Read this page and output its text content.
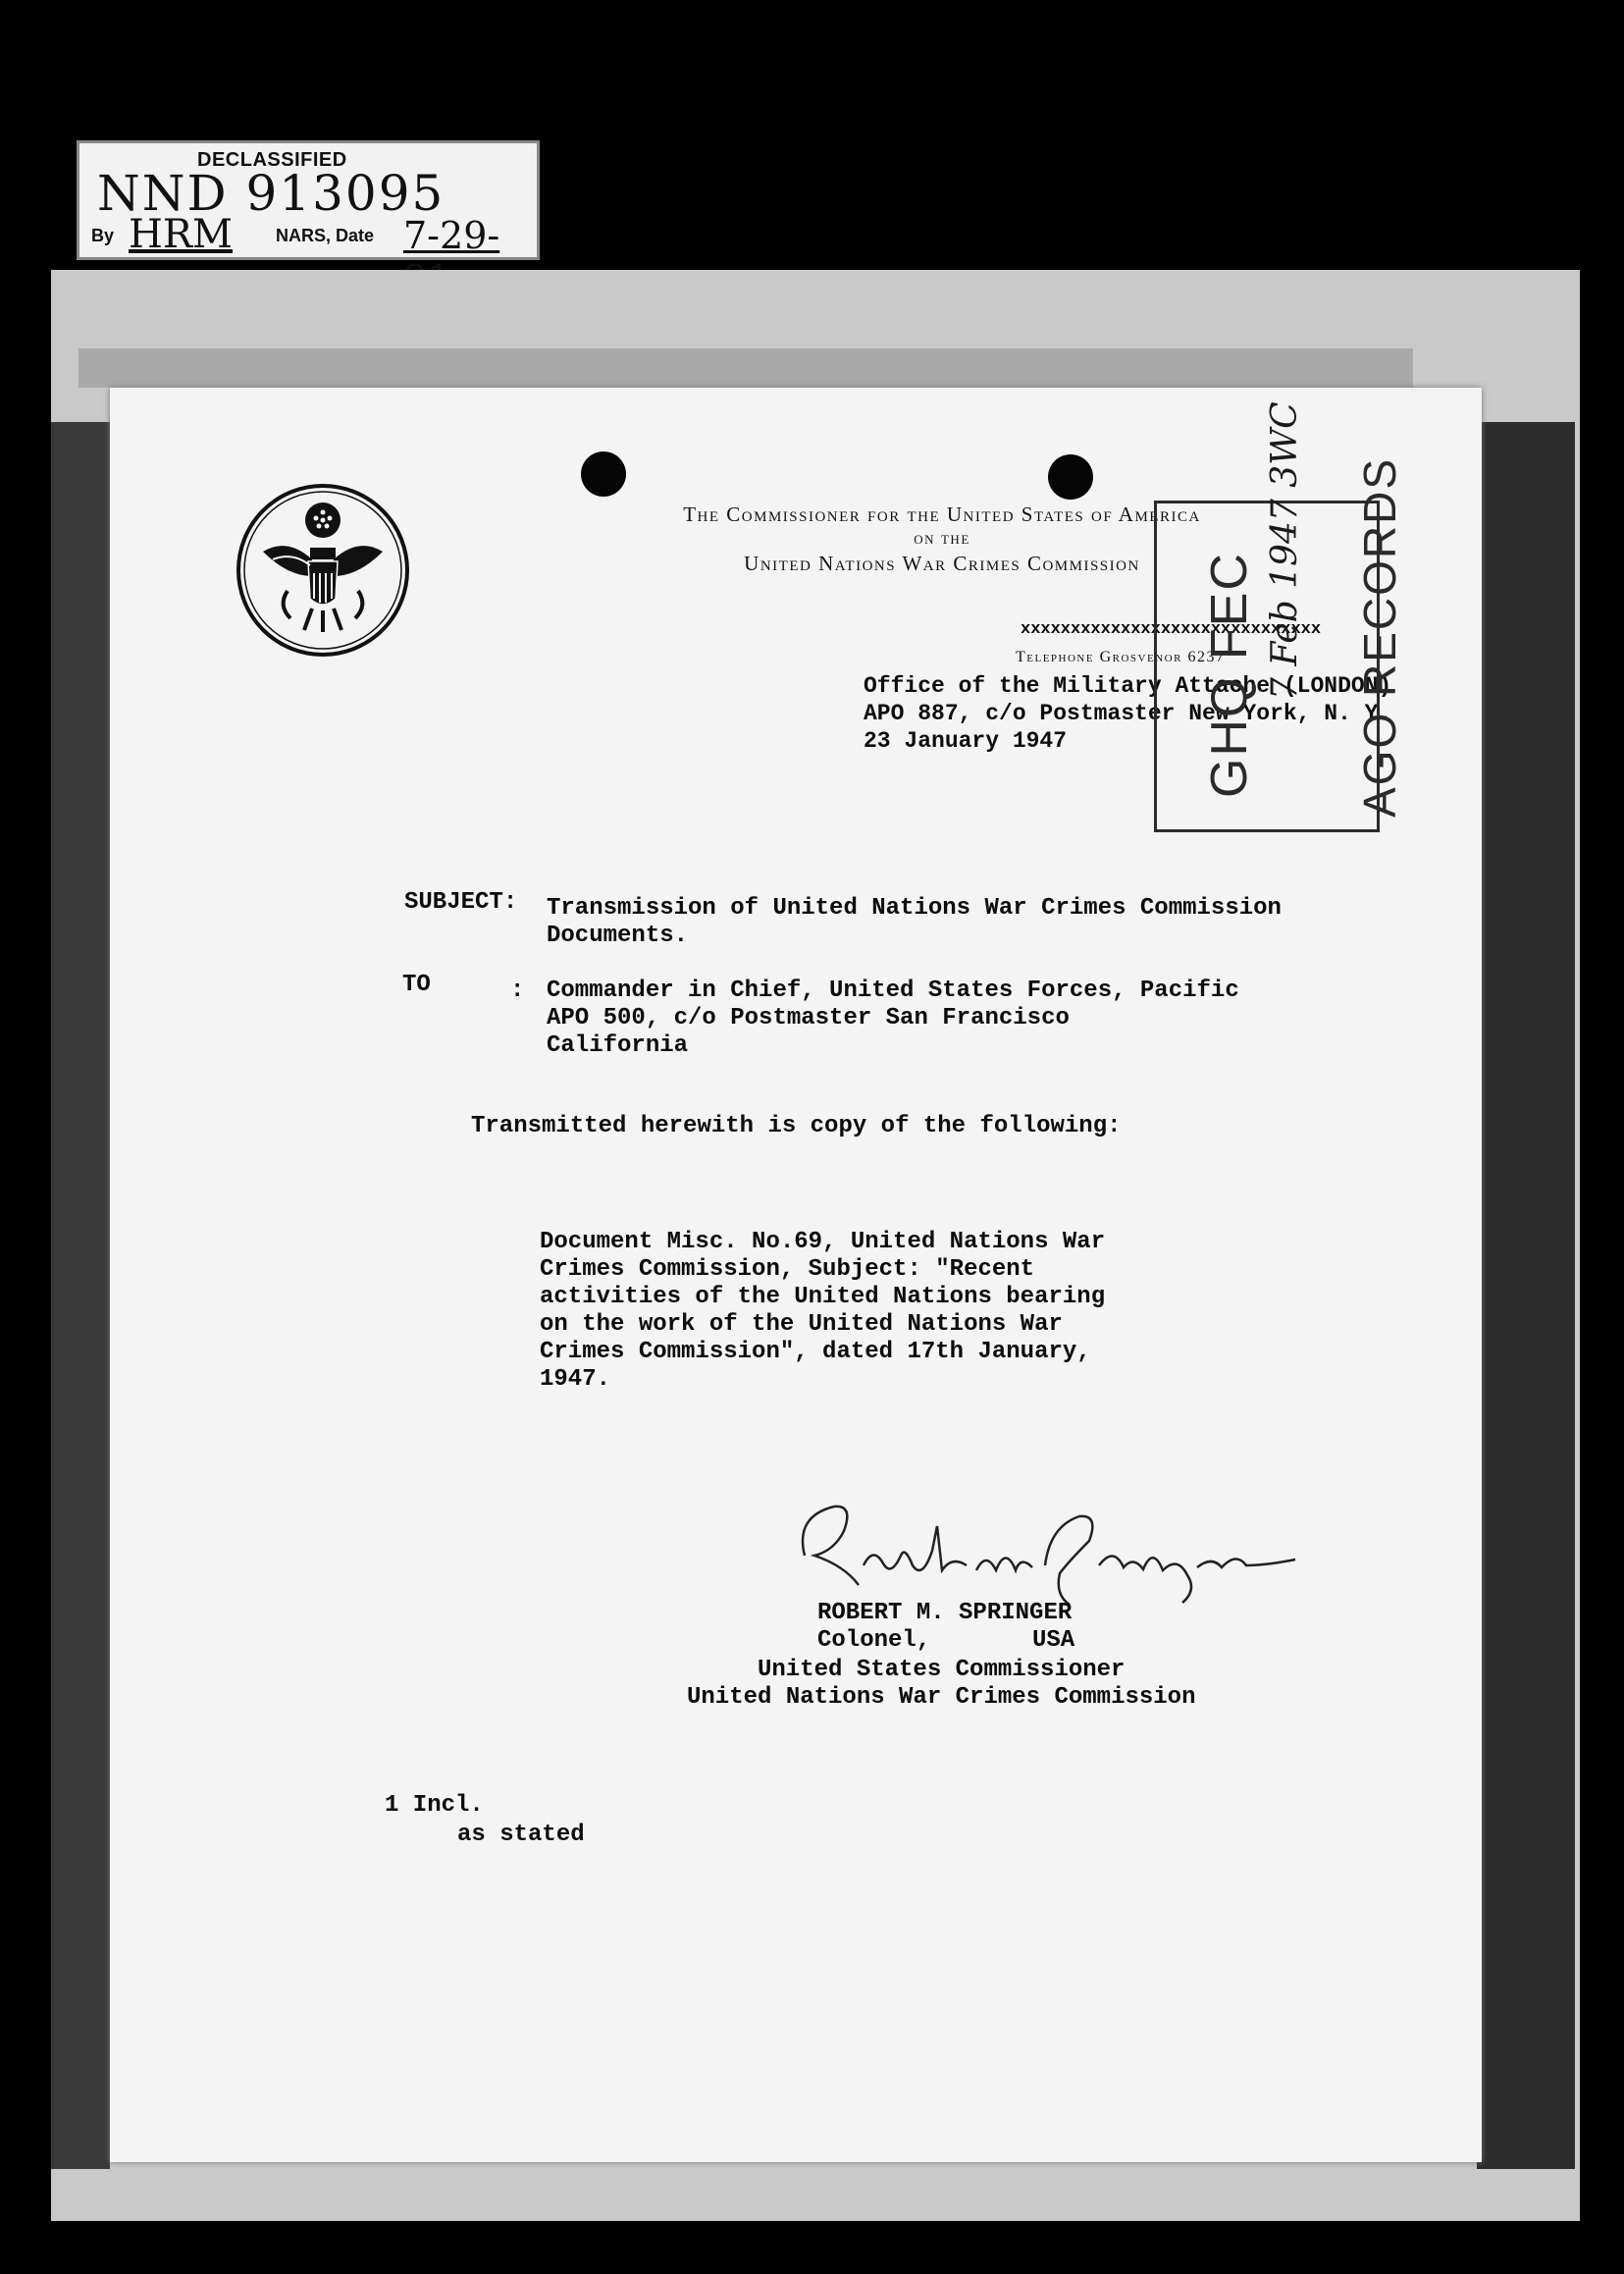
DECLASSIFIED
NND 913095
By HRM NARS, Date 7-29-
The Commissioner for the United States of America
on the
United Nations War Crimes Commission
xxxxxxxxxxxxxxxxxxxxxxxxxxxxxx
Telephone Grosvenor 6237
Office of the Military Attache (LONDON)
APO 887, c/o Postmaster New York, N. Y.
23 January 1947	GHQ FEC AGO RECORDS
7 Feb 1947 3WC
SUBJECT: Transmission of United Nations War Crimes Commission
Documents.
TO	: Commander in Chief, United States Forces, Pacific
APO 500, c/o Postmaster San Francisco
California
Transmitted herewith is copy of the following:
Document Misc. No.69, United Nations War
Crimes Commission, Subject: "Recent
activities of the United Nations bearing
on the work of the United Nations War
Crimes Commission", dated 17th January,
1947.
ROBERT M. SPRINGER
Colonel,	USA
United States Commissioner
United Nations War Crimes Commission
1 Incl.
as stated
